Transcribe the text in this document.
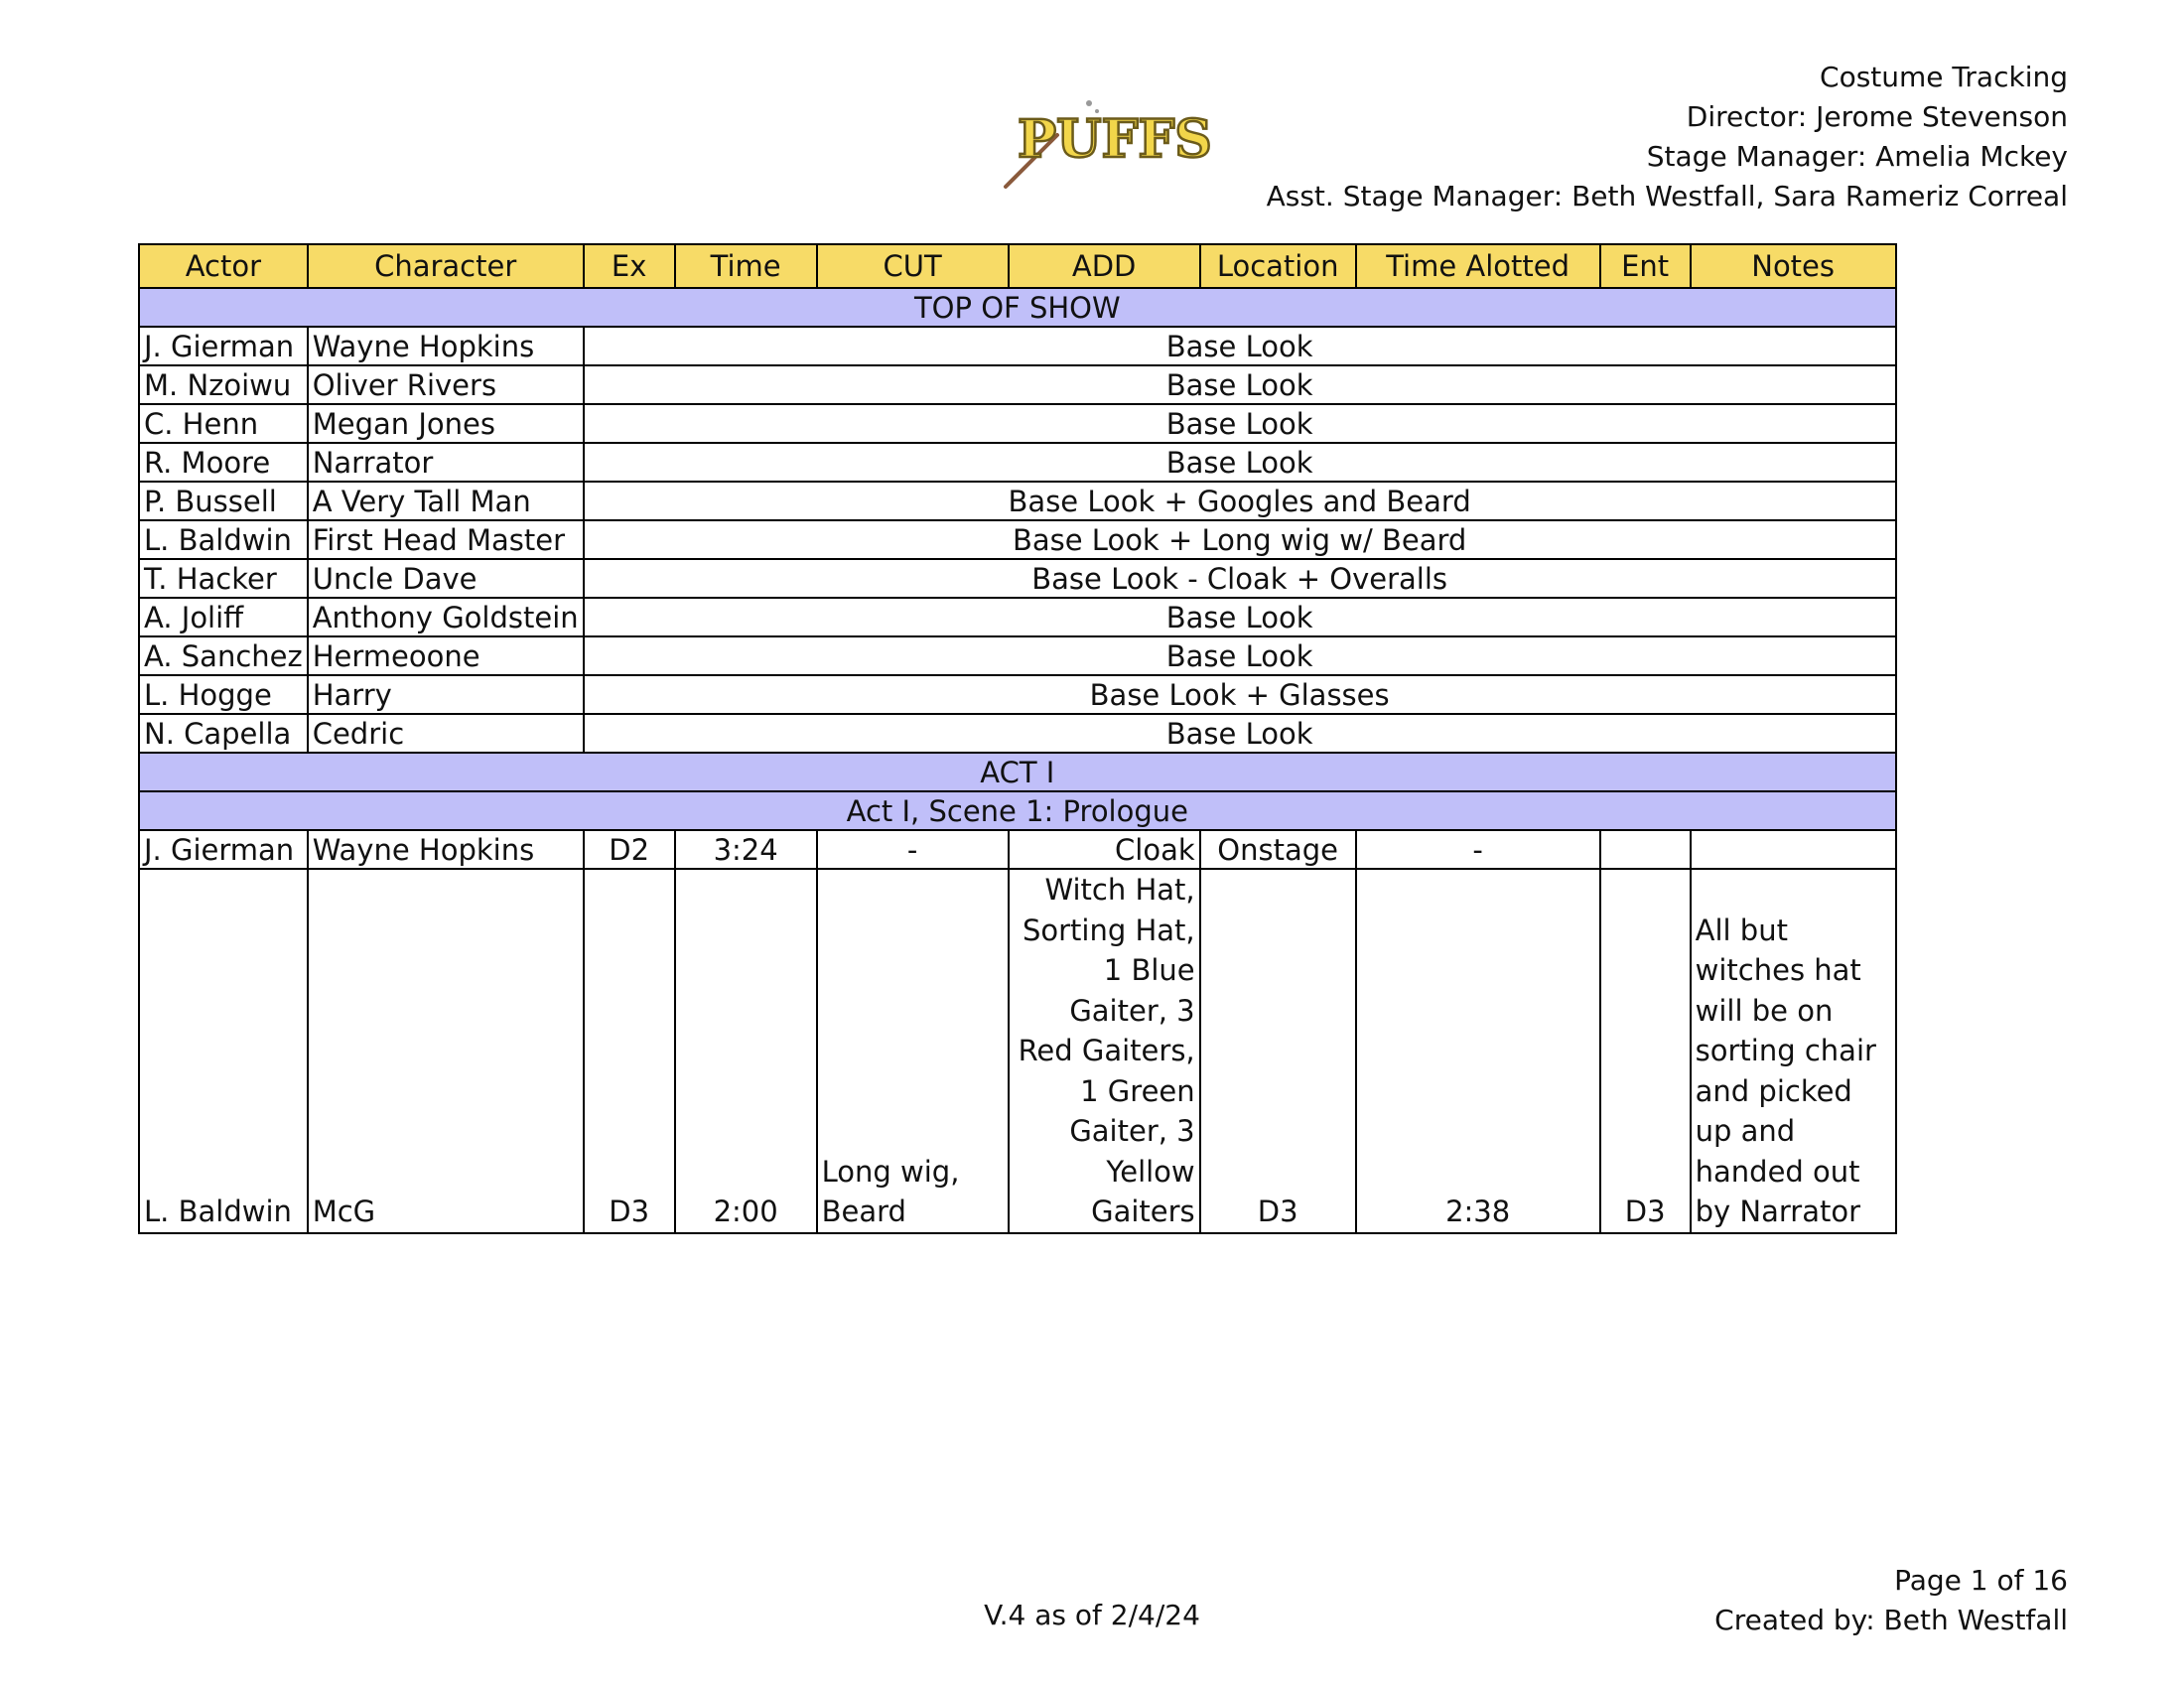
Costume Tracking
Director: Jerome Stevenson
Stage Manager: Amelia Mckey
Asst. Stage Manager: Beth Westfall, Sara Rameriz Correal
PUFFS
Actor	Character	Ex	Time	CUT	ADD	Location	Time Alotted	Ent	Notes
TOP OF SHOW									
J. Gierman	Wayne Hopkins	Base Look							
M. Nzoiwu	Oliver Rivers	Base Look							
C. Henn	Megan Jones	Base Look							
R. Moore	Narrator	Base Look							
P. Bussell	A Very Tall Man	Base Look + Googles and Beard							
L. Baldwin	First Head Master	Base Look + Long wig w/ Beard							
T. Hacker	Uncle Dave	Base Look - Cloak + Overalls							
A. Joliff	Anthony Goldstein	Base Look							
A. Sanchez	Hermeoone	Base Look							
L. Hogge	Harry	Base Look + Glasses							
N. Capella	Cedric	Base Look							
ACT I									
Act I, Scene 1: Prologue									
J. Gierman	Wayne Hopkins	D2	3:24	-	Cloak	Onstage	-		
L. Baldwin	McG	D3	2:00	Long wig, Beard	Witch Hat, Sorting Hat, 1 Blue Gaiter, 3 Red Gaiters, 1 Green Gaiter, 3 Yellow Gaiters	D3	2:38	D3	All but witches hat will be on sorting chair and picked up and handed out by Narrator
V.4 as of 2/4/24
Page 1 of 16
Created by: Beth Westfall
